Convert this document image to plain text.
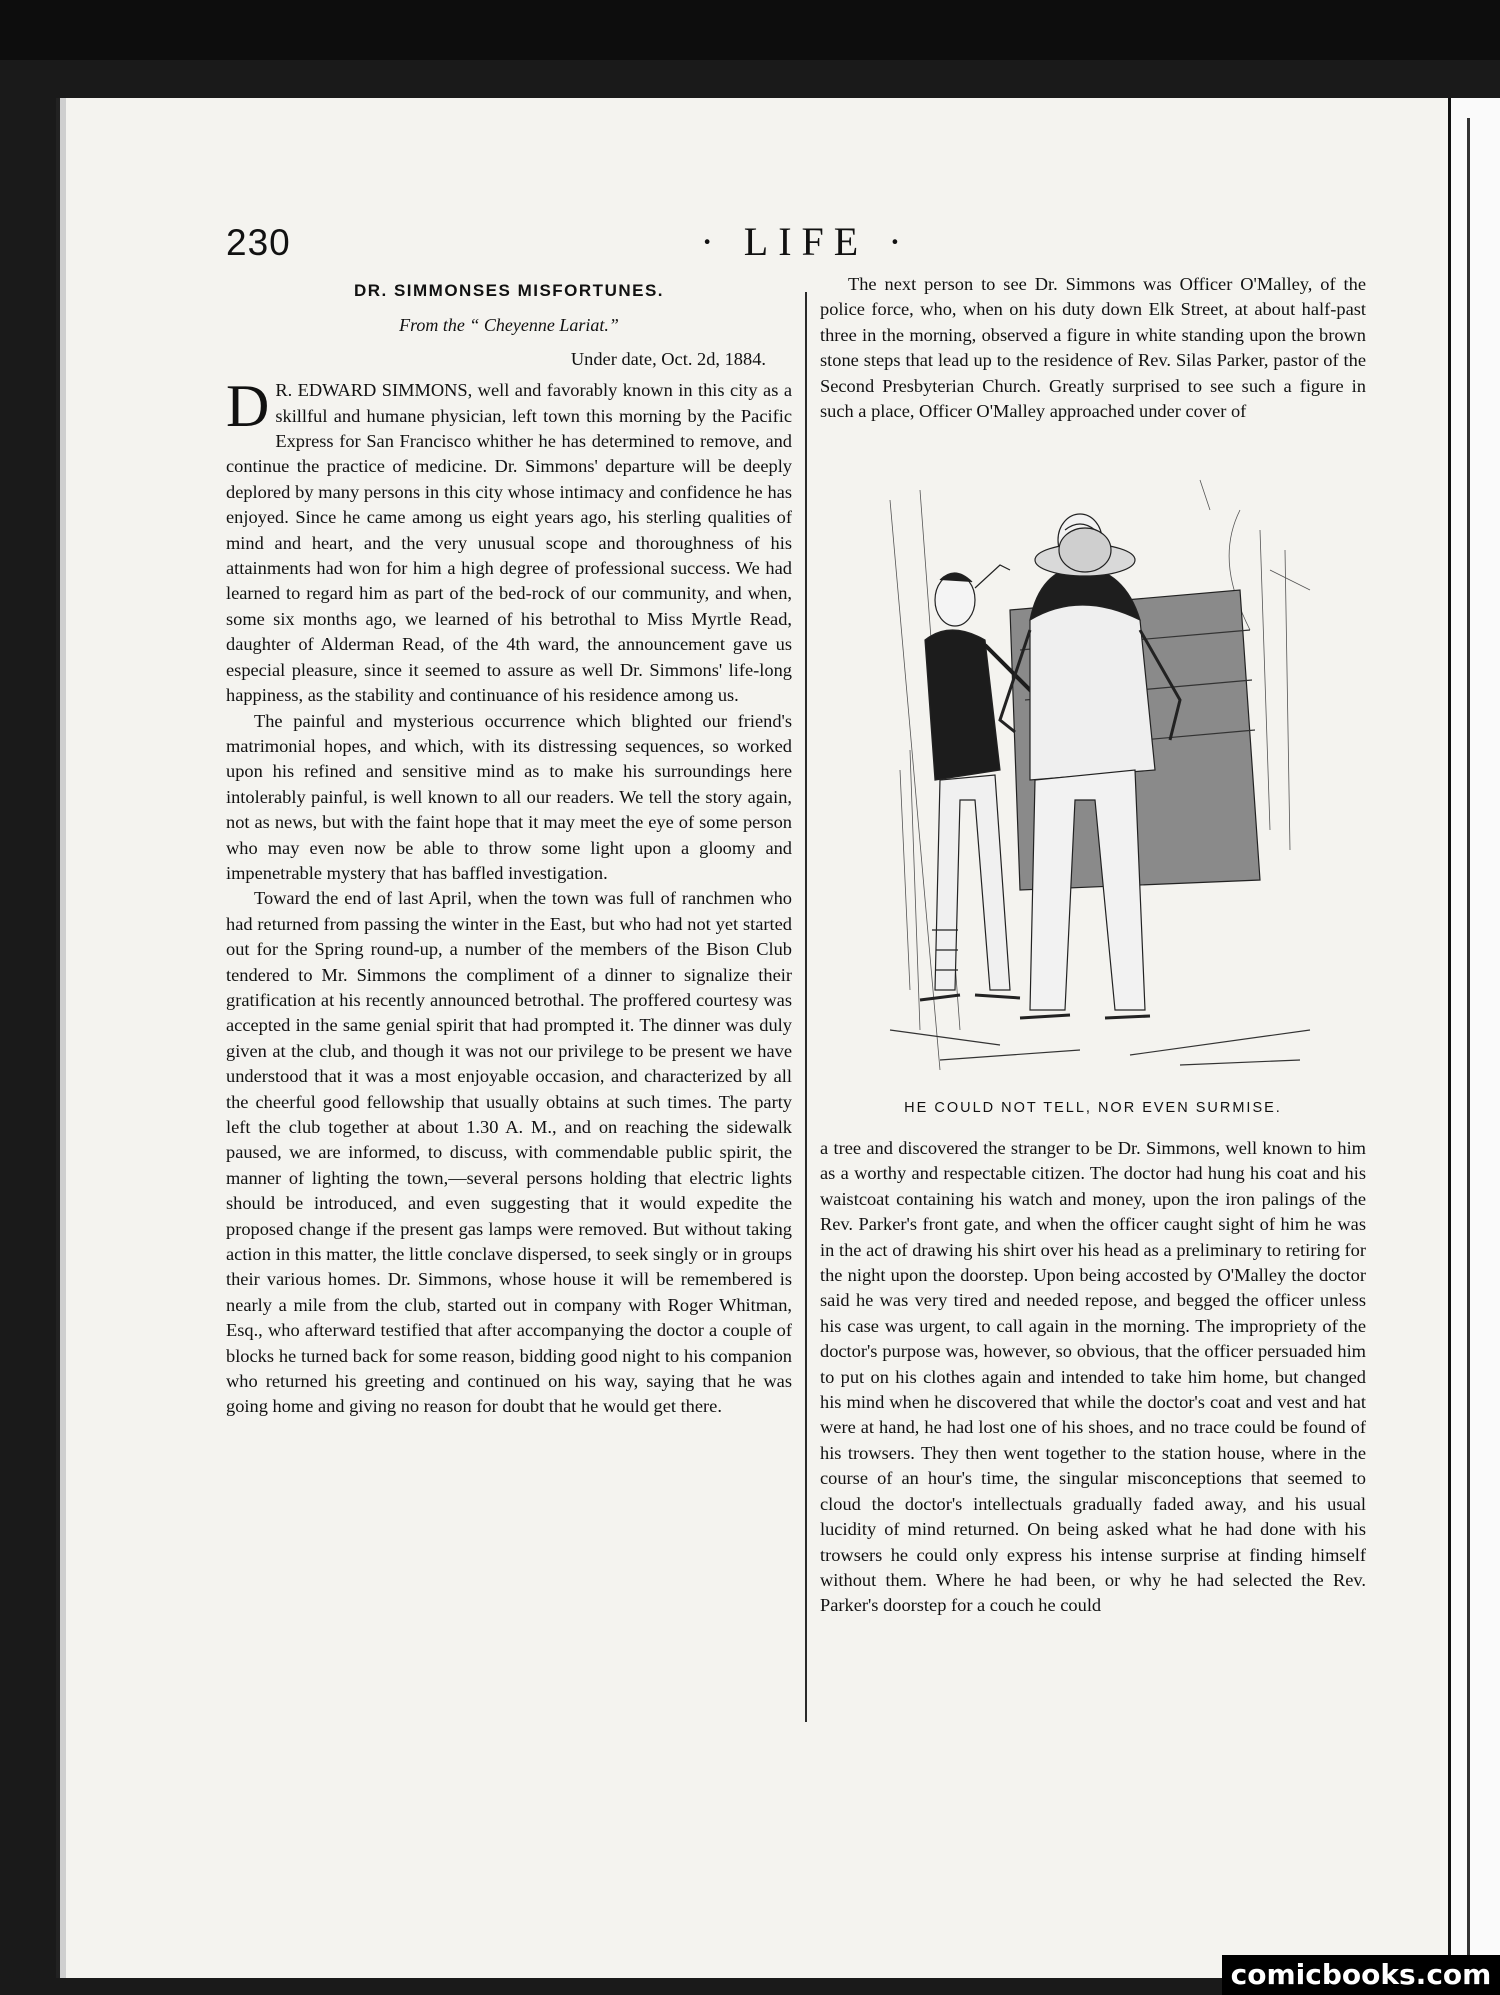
230	· LIFE ·
DR. SIMMONSES MISFORTUNES.
From the “ Cheyenne Lariat.”
Under date, Oct. 2d, 1884.

D R. EDWARD SIMMONS, well and favorably known in this city as a skillful and humane physician, left town this morning by the Pacific Express for San Francisco whither he has determined to remove, and continue the practice of medicine. Dr. Simmons' departure will be deeply deplored by many persons in this city whose intimacy and confidence he has enjoyed. Since he came among us eight years ago, his sterling qualities of mind and heart, and the very unusual scope and thoroughness of his attainments had won for him a high degree of professional success. We had learned to regard him as part of the bed-rock of our community, and when, some six months ago, we learned of his betrothal to Miss Myrtle Read, daughter of Alderman Read, of the 4th ward, the announcement gave us especial pleasure, since it seemed to assure as well Dr. Simmons' life-long happiness, as the stability and continuance of his residence among us.

The painful and mysterious occurrence which blighted our friend's matrimonial hopes, and which, with its distressing sequences, so worked upon his refined and sensitive mind as to make his surroundings here intolerably painful, is well known to all our readers. We tell the story again, not as news, but with the faint hope that it may meet the eye of some person who may even now be able to throw some light upon a gloomy and impenetrable mystery that has baffled investigation.

Toward the end of last April, when the town was full of ranchmen who had returned from passing the winter in the East, but who had not yet started out for the Spring round-up, a number of the members of the Bison Club tendered to Mr. Simmons the compliment of a dinner to signalize their gratification at his recently announced betrothal. The proffered courtesy was accepted in the same genial spirit that had prompted it. The dinner was duly given at the club, and though it was not our privilege to be present we have understood that it was a most enjoyable occasion, and characterized by all the cheerful good fellowship that usually obtains at such times. The party left the club together at about 1.30 A. M., and on reaching the sidewalk paused, we are informed, to discuss, with commendable public spirit, the manner of lighting the town,—several persons holding that electric lights should be introduced, and even suggesting that it would expedite the proposed change if the present gas lamps were removed. But without taking action in this matter, the little conclave dispersed, to seek singly or in groups their various homes. Dr. Simmons, whose house it will be remembered is nearly a mile from the club, started out in company with Roger Whitman, Esq., who afterward testified that after accompanying the doctor a couple of blocks he turned back for some reason, bidding good night to his companion who returned his greeting and continued on his way, saying that he was going home and giving no reason for doubt that he would get there.

The next person to see Dr. Simmons was Officer O'Malley, of the police force, who, when on his duty down Elk Street, at about half-past three in the morning, observed a figure in white standing upon the brown stone steps that lead up to the residence of Rev. Silas Parker, pastor of the Second Presbyterian Church. Greatly surprised to see such a figure in such a place, Officer O'Malley approached under cover of

HE COULD NOT TELL, NOR EVEN SURMISE.

a tree and discovered the stranger to be Dr. Simmons, well known to him as a worthy and respectable citizen. The doctor had hung his coat and his waistcoat containing his watch and money, upon the iron palings of the Rev. Parker's front gate, and when the officer caught sight of him he was in the act of drawing his shirt over his head as a preliminary to retiring for the night upon the doorstep. Upon being accosted by O'Malley the doctor said he was very tired and needed repose, and begged the officer unless his case was urgent, to call again in the morning. The impropriety of the doctor's purpose was, however, so obvious, that the officer persuaded him to put on his clothes again and intended to take him home, but changed his mind when he discovered that while the doctor's coat and vest and hat were at hand, he had lost one of his shoes, and no trace could be found of his trowsers. They then went together to the station house, where in the course of an hour's time, the singular misconceptions that seemed to cloud the doctor's intellectuals gradually faded away, and his usual lucidity of mind returned. On being asked what he had done with his trowsers he could only express his intense surprise at finding himself without them. Where he had been, or why he had selected the Rev. Parker's doorstep for a couch he could

comicbooks.com
